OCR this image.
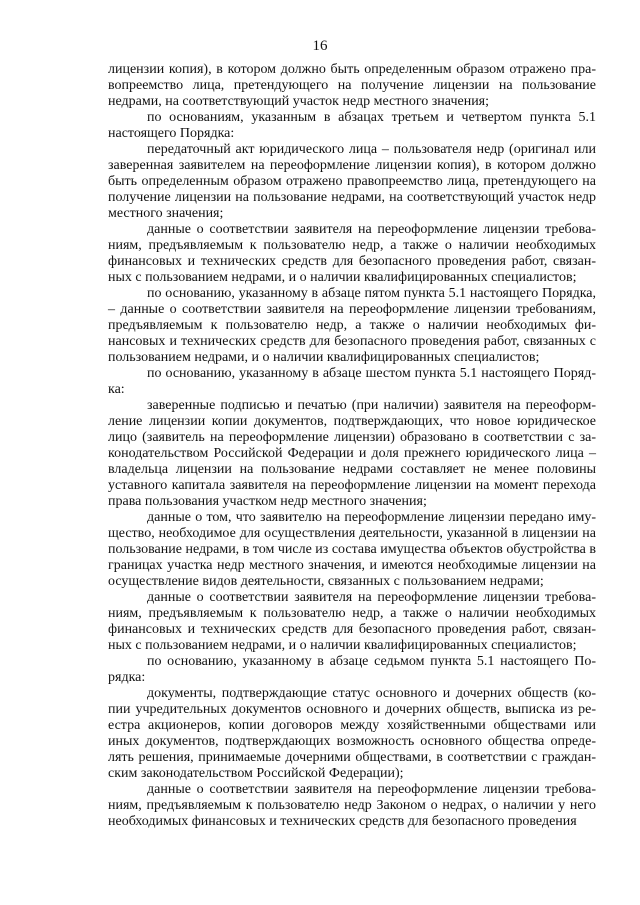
16

лицензии копия), в котором должно быть определенным образом отражено правопреемство лица, претендующего на получение лицензии на пользование недрами, на соответствующий участок недр местного значения;

по основаниям, указанным в абзацах третьем и четвертом пункта 5.1 настоящего Порядка:

передаточный акт юридического лица – пользователя недр (оригинал или заверенная заявителем на переоформление лицензии копия), в котором должно быть определенным образом отражено правопреемство лица, претендующего на получение лицензии на пользование недрами, на соответствующий участок недр местного значения;

данные о соответствии заявителя на переоформление лицензии требованиям, предъявляемым к пользователю недр, а также о наличии необходимых финансовых и технических средств для безопасного проведения работ, связанных с пользованием недрами, и о наличии квалифицированных специалистов;

по основанию, указанному в абзаце пятом пункта 5.1 настоящего Порядка, – данные о соответствии заявителя на переоформление лицензии требованиям, предъявляемым к пользователю недр, а также о наличии необходимых финансовых и технических средств для безопасного проведения работ, связанных с пользованием недрами, и о наличии квалифицированных специалистов;

по основанию, указанному в абзаце шестом пункта 5.1 настоящего Порядка:

заверенные подписью и печатью (при наличии) заявителя на переоформление лицензии копии документов, подтверждающих, что новое юридическое лицо (заявитель на переоформление лицензии) образовано в соответствии с законодательством Российской Федерации и доля прежнего юридического лица – владельца лицензии на пользование недрами составляет не менее половины уставного капитала заявителя на переоформление лицензии на момент перехода права пользования участком недр местного значения;

данные о том, что заявителю на переоформление лицензии передано имущество, необходимое для осуществления деятельности, указанной в лицензии на пользование недрами, в том числе из состава имущества объектов обустройства в границах участка недр местного значения, и имеются необходимые лицензии на осуществление видов деятельности, связанных с пользованием недрами;

данные о соответствии заявителя на переоформление лицензии требованиям, предъявляемым к пользователю недр, а также о наличии необходимых финансовых и технических средств для безопасного проведения работ, связанных с пользованием недрами, и о наличии квалифицированных специалистов;

по основанию, указанному в абзаце седьмом пункта 5.1 настоящего Порядка:

документы, подтверждающие статус основного и дочерних обществ (копии учредительных документов основного и дочерних обществ, выписка из реестра акционеров, копии договоров между хозяйственными обществами или иных документов, подтверждающих возможность основного общества определять решения, принимаемые дочерними обществами, в соответствии с гражданским законодательством Российской Федерации);

данные о соответствии заявителя на переоформление лицензии требованиям, предъявляемым к пользователю недр Законом о недрах, о наличии у него необходимых финансовых и технических средств для безопасного проведения
